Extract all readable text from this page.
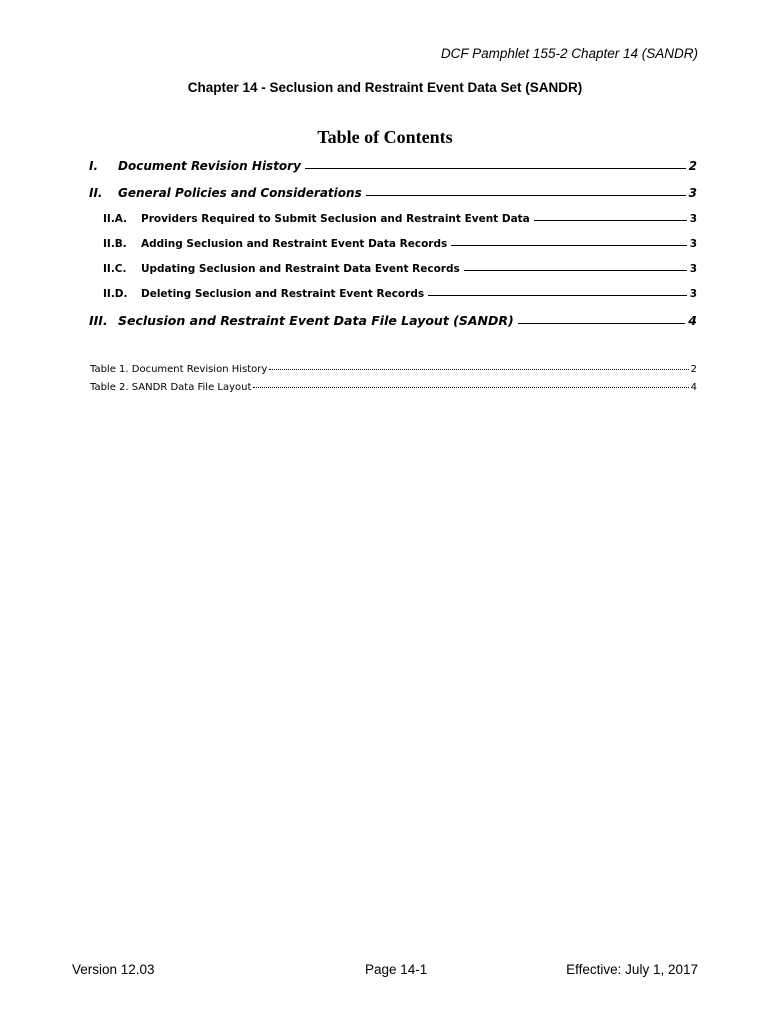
DCF Pamphlet 155-2 Chapter 14 (SANDR)
Chapter 14 - Seclusion and Restraint Event Data Set (SANDR)
Table of Contents
I.	Document Revision History	2
II.	General Policies and Considerations	3
II.A.	Providers Required to Submit Seclusion and Restraint Event Data	3
II.B.	Adding Seclusion and Restraint Event Data Records	3
II.C.	Updating Seclusion and Restraint Data Event Records	3
II.D.	Deleting Seclusion and Restraint Event Records	3
III. Seclusion and Restraint Event Data File Layout (SANDR)	4
Table 1. Document Revision History	2
Table 2. SANDR Data File Layout	4
Version 12.03	Page 14-1	Effective: July 1, 2017
